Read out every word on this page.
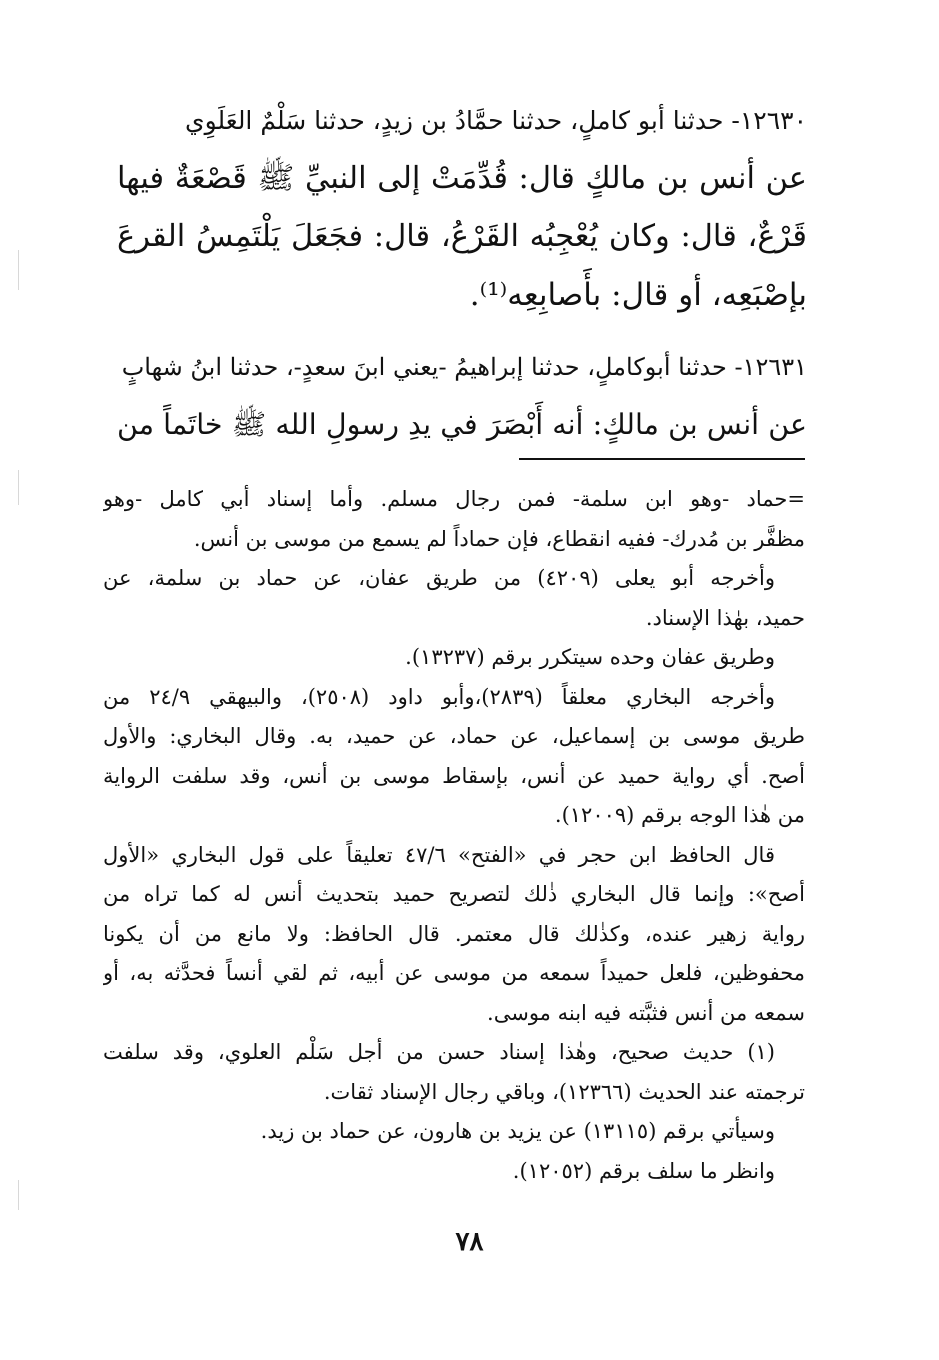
١٢٦٣٠- حدثنا أبو كاملٍ، حدثنا حمَّادُ بن زيدٍ، حدثنا سَلْمٌ العَلَوِي

عن أنس بن مالكٍ قال: قُدِّمَتْ إلى النبيِّ ﷺ قَصْعَةٌ فيها
قَرْعٌ، قال: وكان يُعْجِبُه القَرْعُ، قال: فجَعَلَ يَلْتَمِسُ القرعَ
بإصْبَعِه، أو قال: بأَصابِعِه⁽¹⁾.

١٢٦٣١- حدثنا أبوكاملٍ، حدثنا إبراهيمُ -يعني ابنَ سعدٍ-، حدثنا ابنُ شهابٍ

عن أنس بن مالكٍ: أنه أَبْصَرَ في يدِ رسولِ الله ﷺ خاتَماً من

=حماد -وهو ابن سلمة- فمن رجال مسلم. وأما إسناد أبي كامل -وهو
مظفَّر بن مُدرك- ففيه انقطاع، فإن حماداً لم يسمع من موسى بن أنس.
وأخرجه أبو يعلى (٤٢٠٩) من طريق عفان، عن حماد بن سلمة، عن
حميد، بهٰذا الإسناد.
وطريق عفان وحده سيتكرر برقم (١٣٢٣٧).
وأخرجه البخاري معلقاً (٢٨٣٩)،وأبو داود (٢٥٠٨)، والبيهقي ٢٤/٩ من
طريق موسى بن إسماعيل، عن حماد، عن حميد، به. وقال البخاري: والأول
أصح. أي رواية حميد عن أنس، بإسقاط موسى بن أنس، وقد سلفت الرواية
من هٰذا الوجه برقم (١٢٠٠٩).
قال الحافظ ابن حجر في «الفتح» ٤٧/٦ تعليقاً على قول البخاري «الأول
أصح»: وإنما قال البخاري ذٰلك لتصريح حميد بتحديث أنس له كما تراه من
رواية زهير عنده، وكذٰلك قال معتمر. قال الحافظ: ولا مانع من أن يكونا
محفوظين، فلعل حميداً سمعه من موسى عن أبيه، ثم لقي أنساً فحدَّثه به، أو
سمعه من أنس فثبَّته فيه ابنه موسى.
(١) حديث صحيح، وهٰذا إسناد حسن من أجل سَلْم العلوي، وقد سلفت
ترجمته عند الحديث (١٢٣٦٦)، وباقي رجال الإسناد ثقات.
وسيأتي برقم (١٣١١٥) عن يزيد بن هارون، عن حماد بن زيد.
وانظر ما سلف برقم (١٢٠٥٢).
٧٨
